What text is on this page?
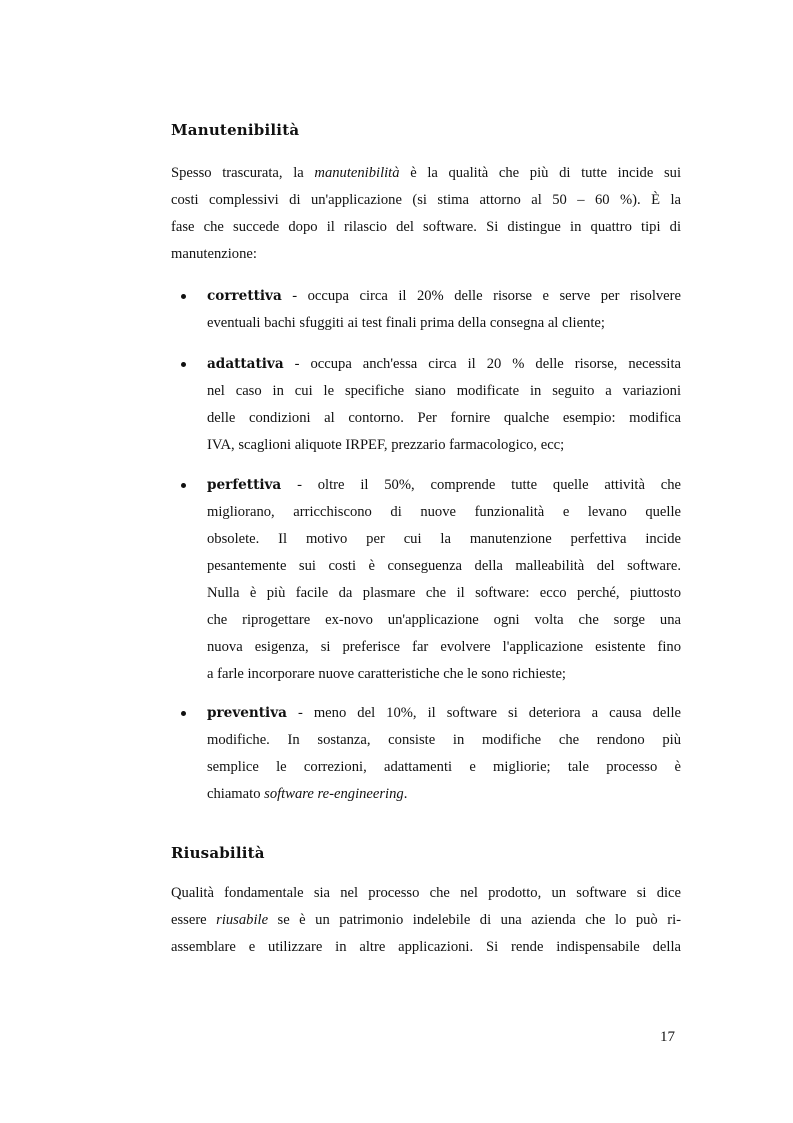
Manutenibilità

Spesso trascurata, la manutenibilità è la qualità che più di tutte incide sui
costi complessivi di un'applicazione (si stima attorno al 50 – 60 %). È la
fase che succede dopo il rilascio del software. Si distingue in quattro tipi di
manutenzione:

correttiva - occupa circa il 20% delle risorse e serve per risolvere
eventuali bachi sfuggiti ai test finali prima della consegna al cliente;

adattativa - occupa anch'essa circa il 20 % delle risorse, necessita
nel caso in cui le specifiche siano modificate in seguito a variazioni
delle condizioni al contorno. Per fornire qualche esempio: modifica
IVA, scaglioni aliquote IRPEF, prezzario farmacologico, ecc;

perfettiva - oltre il 50%, comprende tutte quelle attività che
migliorano, arricchiscono di nuove funzionalità e levano quelle
obsolete. Il motivo per cui la manutenzione perfettiva incide
pesantemente sui costi è conseguenza della malleabilità del software.
Nulla è più facile da plasmare che il software: ecco perché, piuttosto
che riprogettare ex-novo un'applicazione ogni volta che sorge una
nuova esigenza, si preferisce far evolvere l'applicazione esistente fino
a farle incorporare nuove caratteristiche che le sono richieste;

preventiva - meno del 10%, il software si deteriora a causa delle
modifiche. In sostanza, consiste in modifiche che rendono più
semplice le correzioni, adattamenti e migliorie; tale processo è
chiamato software re-engineering.

Riusabilità

Qualità fondamentale sia nel processo che nel prodotto, un software si dice
essere riusabile se è un patrimonio indelebile di una azienda che lo può ri-
assemblare e utilizzare in altre applicazioni. Si rende indispensabile della

17
